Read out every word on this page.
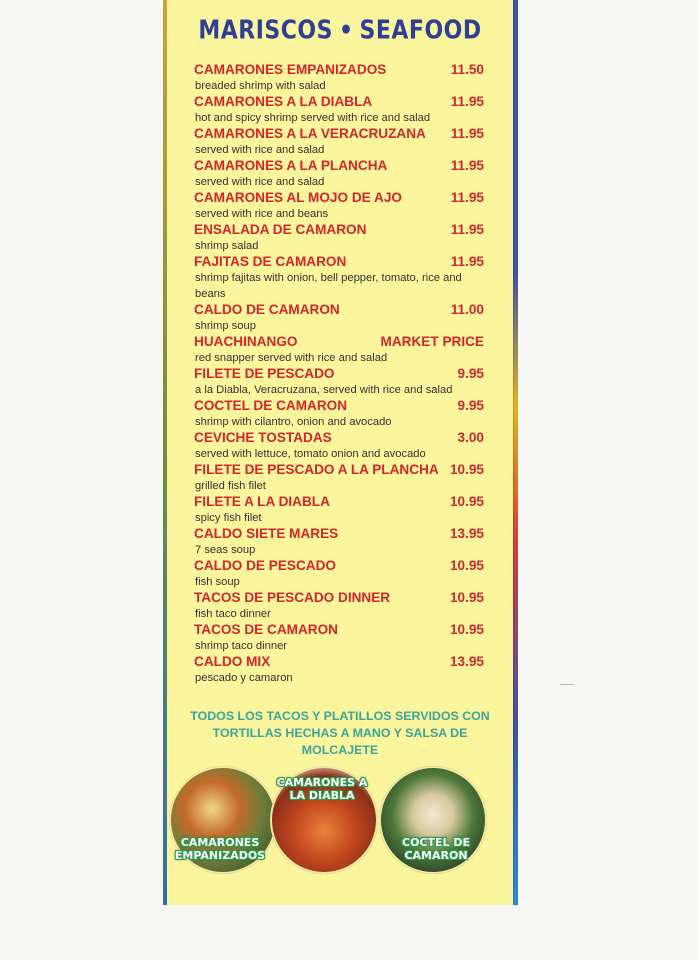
MARISCOS • SEAFOOD
CAMARONES EMPANIZADOS	11.50
breaded shrimp with salad
CAMARONES A LA DIABLA	11.95
hot and spicy shrimp served with rice and salad
CAMARONES A LA VERACRUZANA 11.95
served with rice and salad
CAMARONES A LA PLANCHA	11.95
served with rice and salad
CAMARONES AL MOJO DE AJO	11.95
served with rice and beans
ENSALADA DE CAMARON	11.95
shrimp salad
FAJITAS DE CAMARON	11.95
shrimp fajitas with onion, bell pepper, tomato, rice and beans
CALDO DE CAMARON	11.00
shrimp soup
HUACHINANGO	MARKET PRICE
red snapper served with rice and salad
FILETE DE PESCADO	9.95
a la Diabla, Veracruzana, served with rice and salad
COCTEL DE CAMARON	9.95
shrimp with cilantro, onion and avocado
CEVICHE TOSTADAS	3.00
served with lettuce, tomato onion and avocado
FILETE DE PESCADO A LA PLANCHA 10.95
grilled fish filet
FILETE A LA DIABLA	10.95
spicy fish filet
CALDO SIETE MARES	13.95
7 seas soup
CALDO DE PESCADO	10.95
fish soup
TACOS DE PESCADO DINNER	10.95
fish taco dinner
TACOS DE CAMARON	10.95
shrimp taco dinner
CALDO MIX	13.95
pescado y camaron
TODOS LOS TACOS Y PLATILLOS SERVIDOS CON TORTILLAS HECHAS A MANO Y SALSA DE MOLCAJETE
CAMARONES EMPANIZADOS
CAMARONES A LA DIABLA
COCTEL DE CAMARON
